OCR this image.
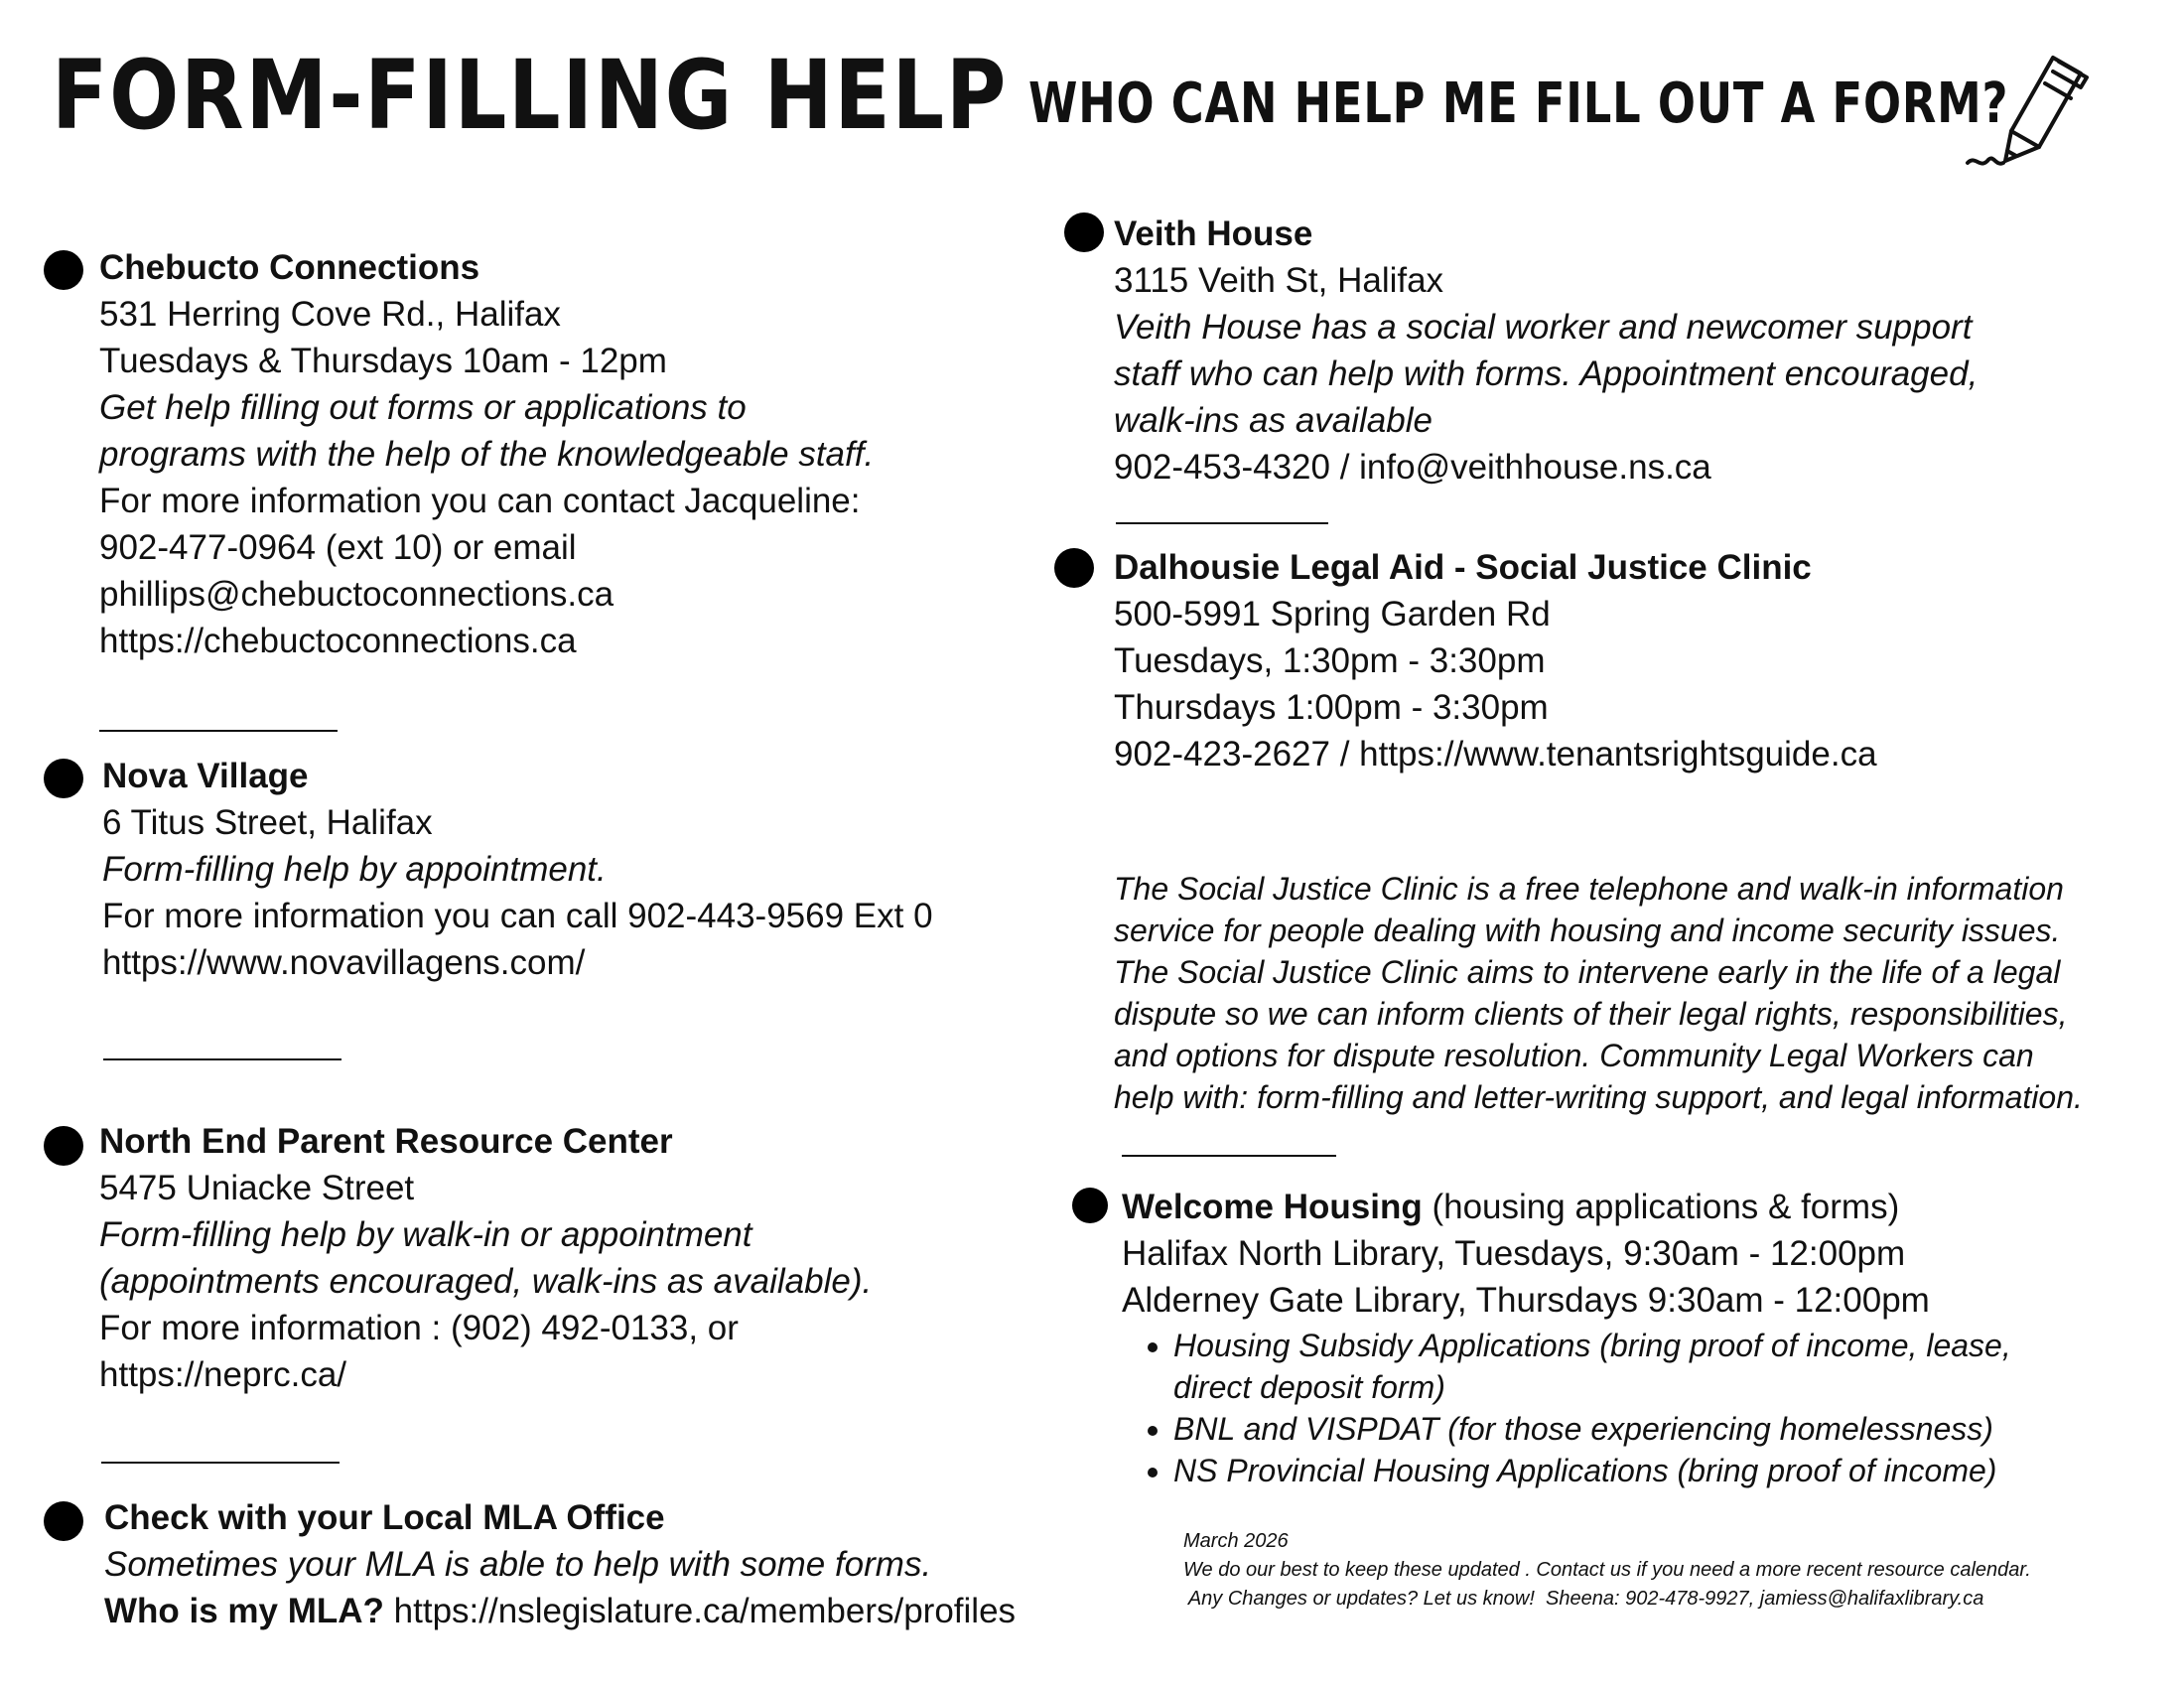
FORM-FILLING HELP WHO CAN HELP ME FILL OUT A FORM?
Chebucto Connections
531 Herring Cove Rd., Halifax
Tuesdays & Thursdays 10am - 12pm
Get help filling out forms or applications to
programs with the help of the knowledgeable staff.
For more information you can contact Jacqueline:
902-477-0964 (ext 10) or email
phillips@chebuctoconnections.ca
https://chebuctoconnections.ca
Nova Village
6 Titus Street, Halifax
Form-filling help by appointment.
For more information you can call 902-443-9569 Ext 0
https://www.novavillagens.com/
North End Parent Resource Center
5475 Uniacke Street
Form-filling help by walk-in or appointment
(appointments encouraged, walk-ins as available).
For more information : (902) 492-0133, or
https://neprc.ca/
Check with your Local MLA Office
Sometimes your MLA is able to help with some forms.
Who is my MLA? https://nslegislature.ca/members/profiles
Veith House
3115 Veith St, Halifax
Veith House has a social worker and newcomer support
staff who can help with forms. Appointment encouraged,
walk-ins as available
902-453-4320 / info@veithhouse.ns.ca
Dalhousie Legal Aid - Social Justice Clinic
500-5991 Spring Garden Rd
Tuesdays, 1:30pm - 3:30pm
Thursdays 1:00pm - 3:30pm
902-423-2627 / https://www.tenantsrightsguide.ca
The Social Justice Clinic is a free telephone and walk-in information
service for people dealing with housing and income security issues.
The Social Justice Clinic aims to intervene early in the life of a legal
dispute so we can inform clients of their legal rights, responsibilities,
and options for dispute resolution. Community Legal Workers can
help with: form-filling and letter-writing support, and legal information.
Welcome Housing (housing applications & forms)
Halifax North Library, Tuesdays, 9:30am - 12:00pm
Alderney Gate Library, Thursdays 9:30am - 12:00pm
• Housing Subsidy Applications (bring proof of income, lease,
direct deposit form)
• BNL and VISPDAT (for those experiencing homelessness)
• NS Provincial Housing Applications (bring proof of income)
March 2026
We do our best to keep these updated . Contact us if you need a more recent resource calendar.
Any Changes or updates? Let us know!  Sheena: 902-478-9927, jamiess@halifaxlibrary.ca
